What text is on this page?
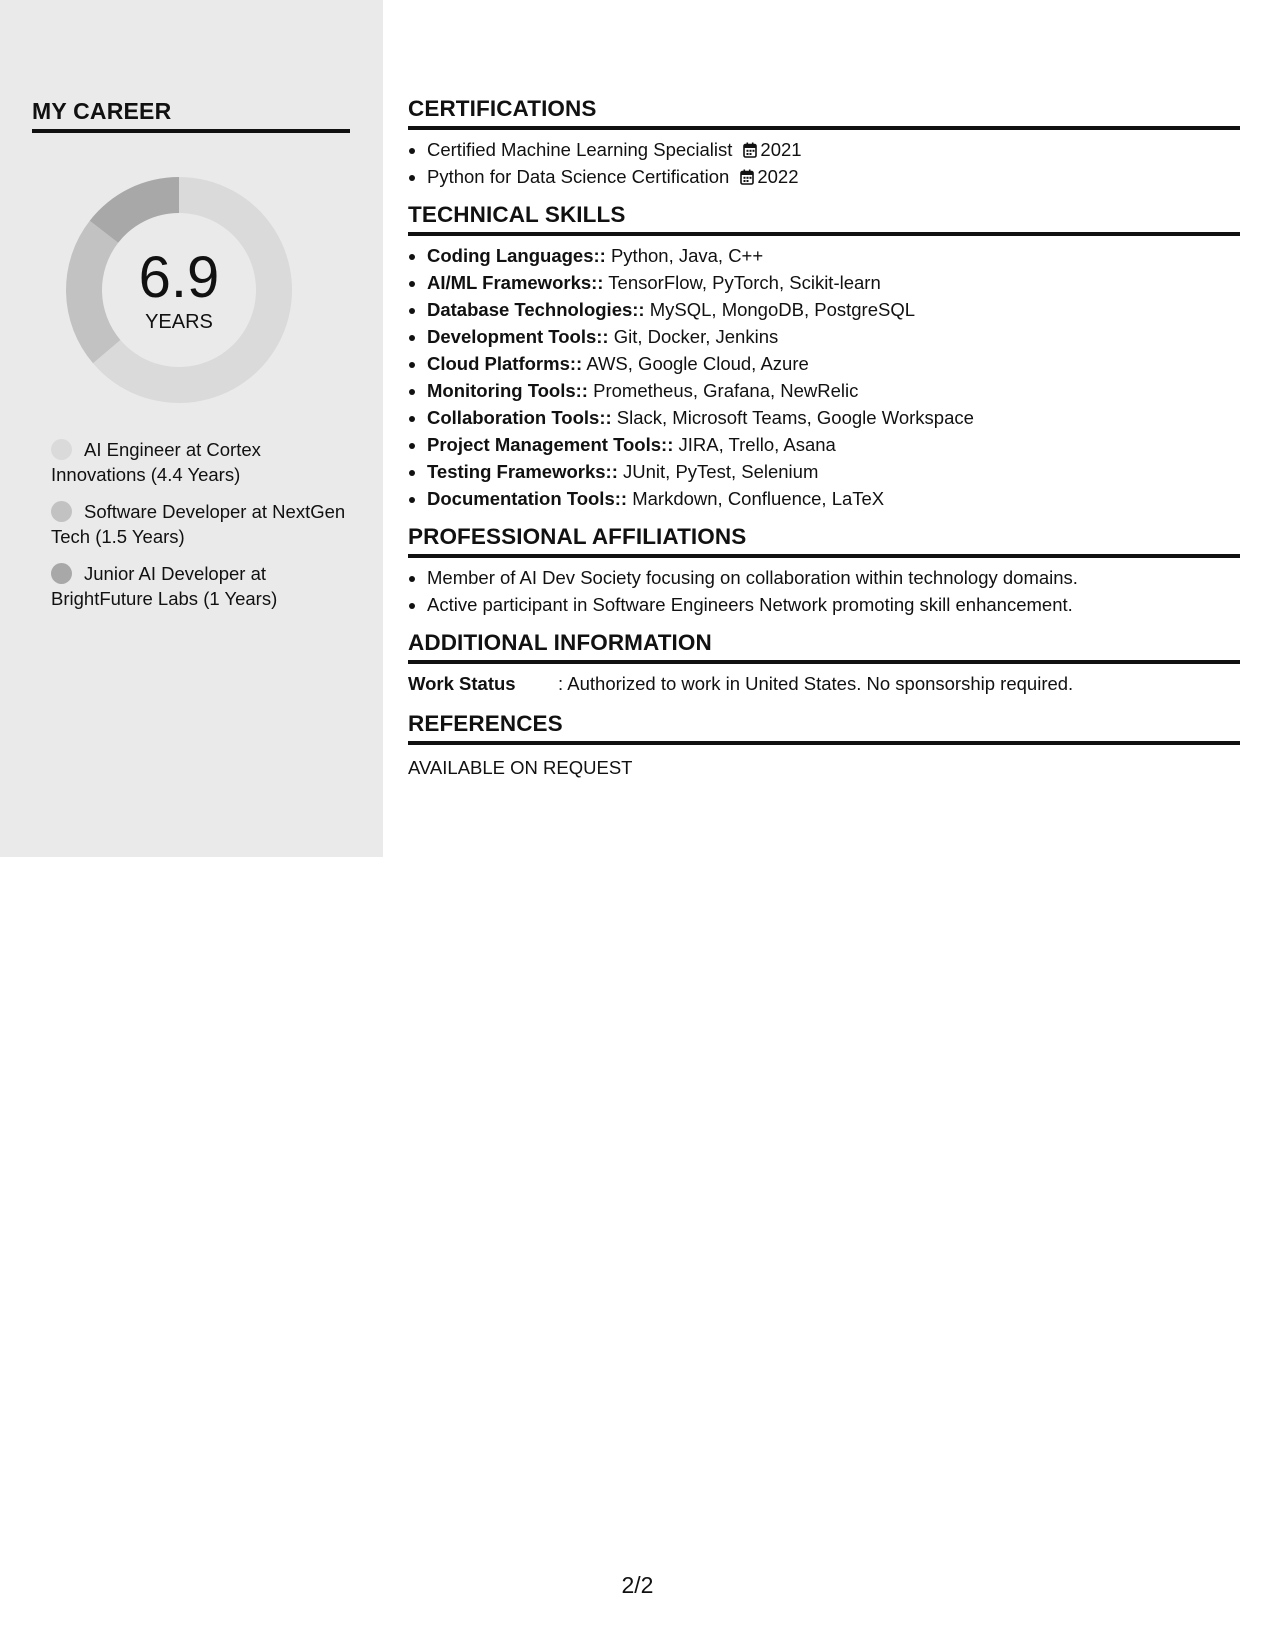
MY CAREER
6.9
YEARS
AI Engineer at Cortex Innovations (4.4 Years)
Software Developer at NextGen Tech (1.5 Years)
Junior AI Developer at BrightFuture Labs (1 Years)
CERTIFICATIONS
• Certified Machine Learning Specialist 2021
• Python for Data Science Certification 2022
TECHNICAL SKILLS
• Coding Languages:: Python, Java, C++
• AI/ML Frameworks:: TensorFlow, PyTorch, Scikit-learn
• Database Technologies:: MySQL, MongoDB, PostgreSQL
• Development Tools:: Git, Docker, Jenkins
• Cloud Platforms:: AWS, Google Cloud, Azure
• Monitoring Tools:: Prometheus, Grafana, NewRelic
• Collaboration Tools:: Slack, Microsoft Teams, Google Workspace
• Project Management Tools:: JIRA, Trello, Asana
• Testing Frameworks:: JUnit, PyTest, Selenium
• Documentation Tools:: Markdown, Confluence, LaTeX
PROFESSIONAL AFFILIATIONS
• Member of AI Dev Society focusing on collaboration within technology domains.
• Active participant in Software Engineers Network promoting skill enhancement.
ADDITIONAL INFORMATION
Work Status	: Authorized to work in United States. No sponsorship required.
REFERENCES
AVAILABLE ON REQUEST
2/2
